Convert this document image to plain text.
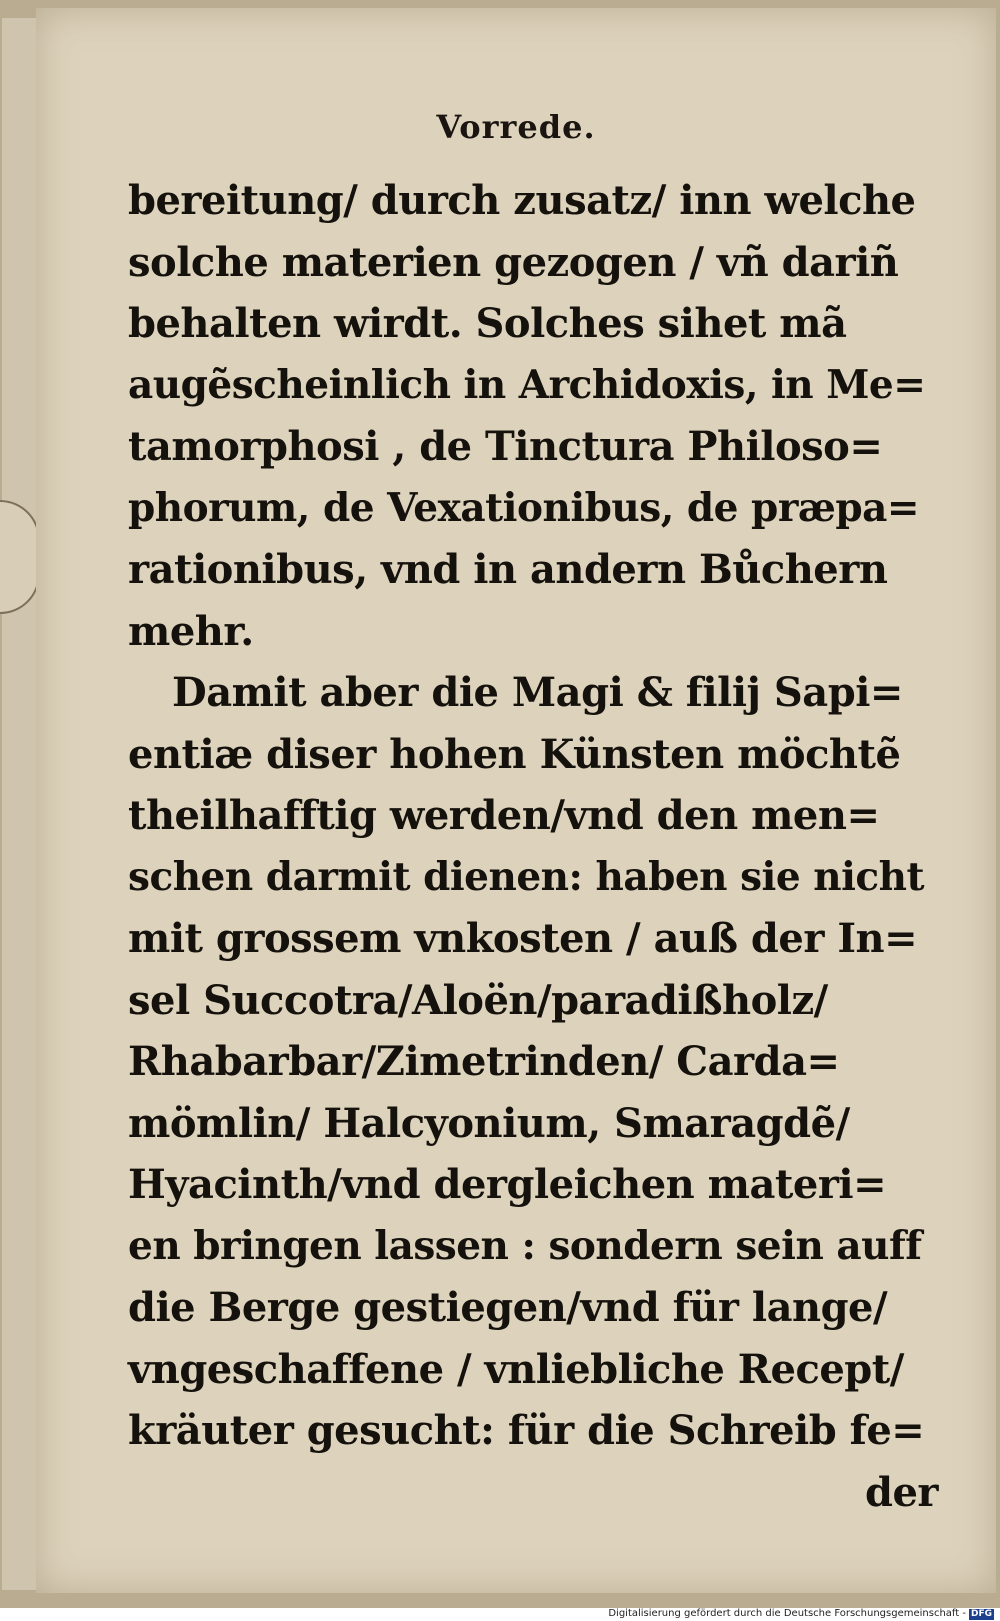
Vorrede.
bereitung/ durch zusatz/ inn welche
solche materien gezogen / vñ dariñ
behalten wirdt. Solches sihet mã
augẽscheinlich in Archidoxis, in Me=
tamorphosi , de Tinctura Philoso=
phorum, de Vexationibus, de præpa=
rationibus, vnd in andern Bůchern
mehr.
Damit aber die Magi & filij Sapi=
entiæ diser hohen Künsten möchtẽ
theilhafftig werden/vnd den men=
schen darmit dienen: haben sie nicht
mit grossem vnkosten / auß der In=
sel Succotra/Aloën/paradißholz/
Rhabarbar/Zimetrinden/ Carda=
mömlin/ Halcyonium, Smaragdẽ/
Hyacinth/vnd dergleichen materi=
en bringen lassen : sondern sein auff
die Berge gestiegen/vnd für lange/
vngeschaffene / vnliebliche Recept/
kräuter gesucht: für die Schreib fe=
der
Digitalisierung gefördert durch die Deutsche Forschungsgemeinschaft - DFG
